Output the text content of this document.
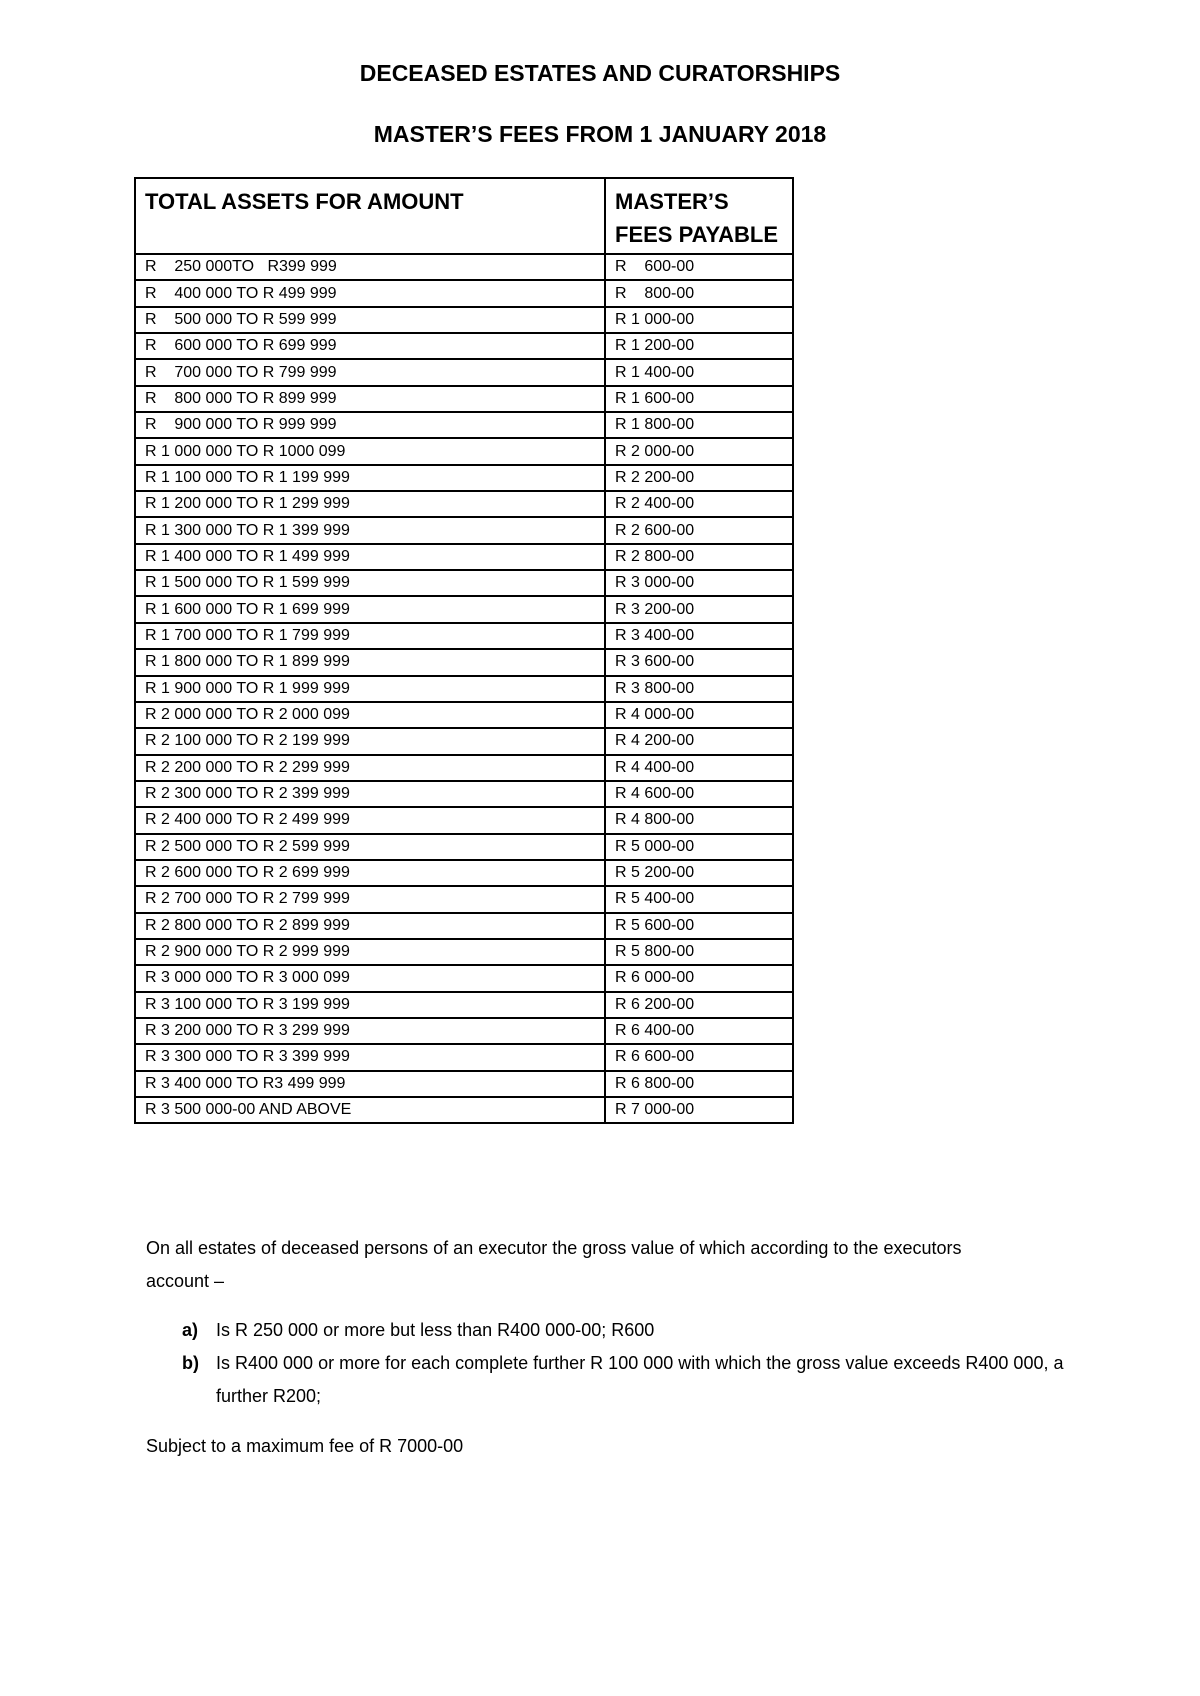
DECEASED ESTATES AND CURATORSHIPS
MASTER’S FEES FROM 1 JANUARY 2018
TOTAL ASSETS FOR AMOUNT	MASTER’S FEES PAYABLE
R    250 000TO   R399 999	R    600-00
R    400 000 TO R 499 999	R    800-00
R    500 000 TO R 599 999	R 1 000-00
R    600 000 TO R 699 999	R 1 200-00
R    700 000 TO R 799 999	R 1 400-00
R    800 000 TO R 899 999	R 1 600-00
R    900 000 TO R 999 999	R 1 800-00
R 1 000 000 TO R 1000 099	R 2 000-00
R 1 100 000 TO R 1 199 999	R 2 200-00
R 1 200 000 TO R 1 299 999	R 2 400-00
R 1 300 000 TO R 1 399 999	R 2 600-00
R 1 400 000 TO R 1 499 999	R 2 800-00
R 1 500 000 TO R 1 599 999	R 3 000-00
R 1 600 000 TO R 1 699 999	R 3 200-00
R 1 700 000 TO R 1 799 999	R 3 400-00
R 1 800 000 TO R 1 899 999	R 3 600-00
R 1 900 000 TO R 1 999 999	R 3 800-00
R 2 000 000 TO R 2 000 099	R 4 000-00
R 2 100 000 TO R 2 199 999	R 4 200-00
R 2 200 000 TO R 2 299 999	R 4 400-00
R 2 300 000 TO R 2 399 999	R 4 600-00
R 2 400 000 TO R 2 499 999	R 4 800-00
R 2 500 000 TO R 2 599 999	R 5 000-00
R 2 600 000 TO R 2 699 999	R 5 200-00
R 2 700 000 TO R 2 799 999	R 5 400-00
R 2 800 000 TO R 2 899 999	R 5 600-00
R 2 900 000 TO R 2 999 999	R 5 800-00
R 3 000 000 TO R 3 000 099	R 6 000-00
R 3 100 000 TO R 3 199 999	R 6 200-00
R 3 200 000 TO R 3 299 999	R 6 400-00
R 3 300 000 TO R 3 399 999	R 6 600-00
R 3 400 000 TO R3 499 999	R 6 800-00
R 3 500 000-00 AND ABOVE	R 7 000-00
On all estates of deceased persons of an executor the gross value of which according to the executors account –
a) Is R 250 000 or more but less than R400 000-00; R600
b) Is R400 000 or more for each complete further R 100 000 with which the gross value exceeds R400 000, a further R200;
Subject to a maximum fee of R 7000-00
